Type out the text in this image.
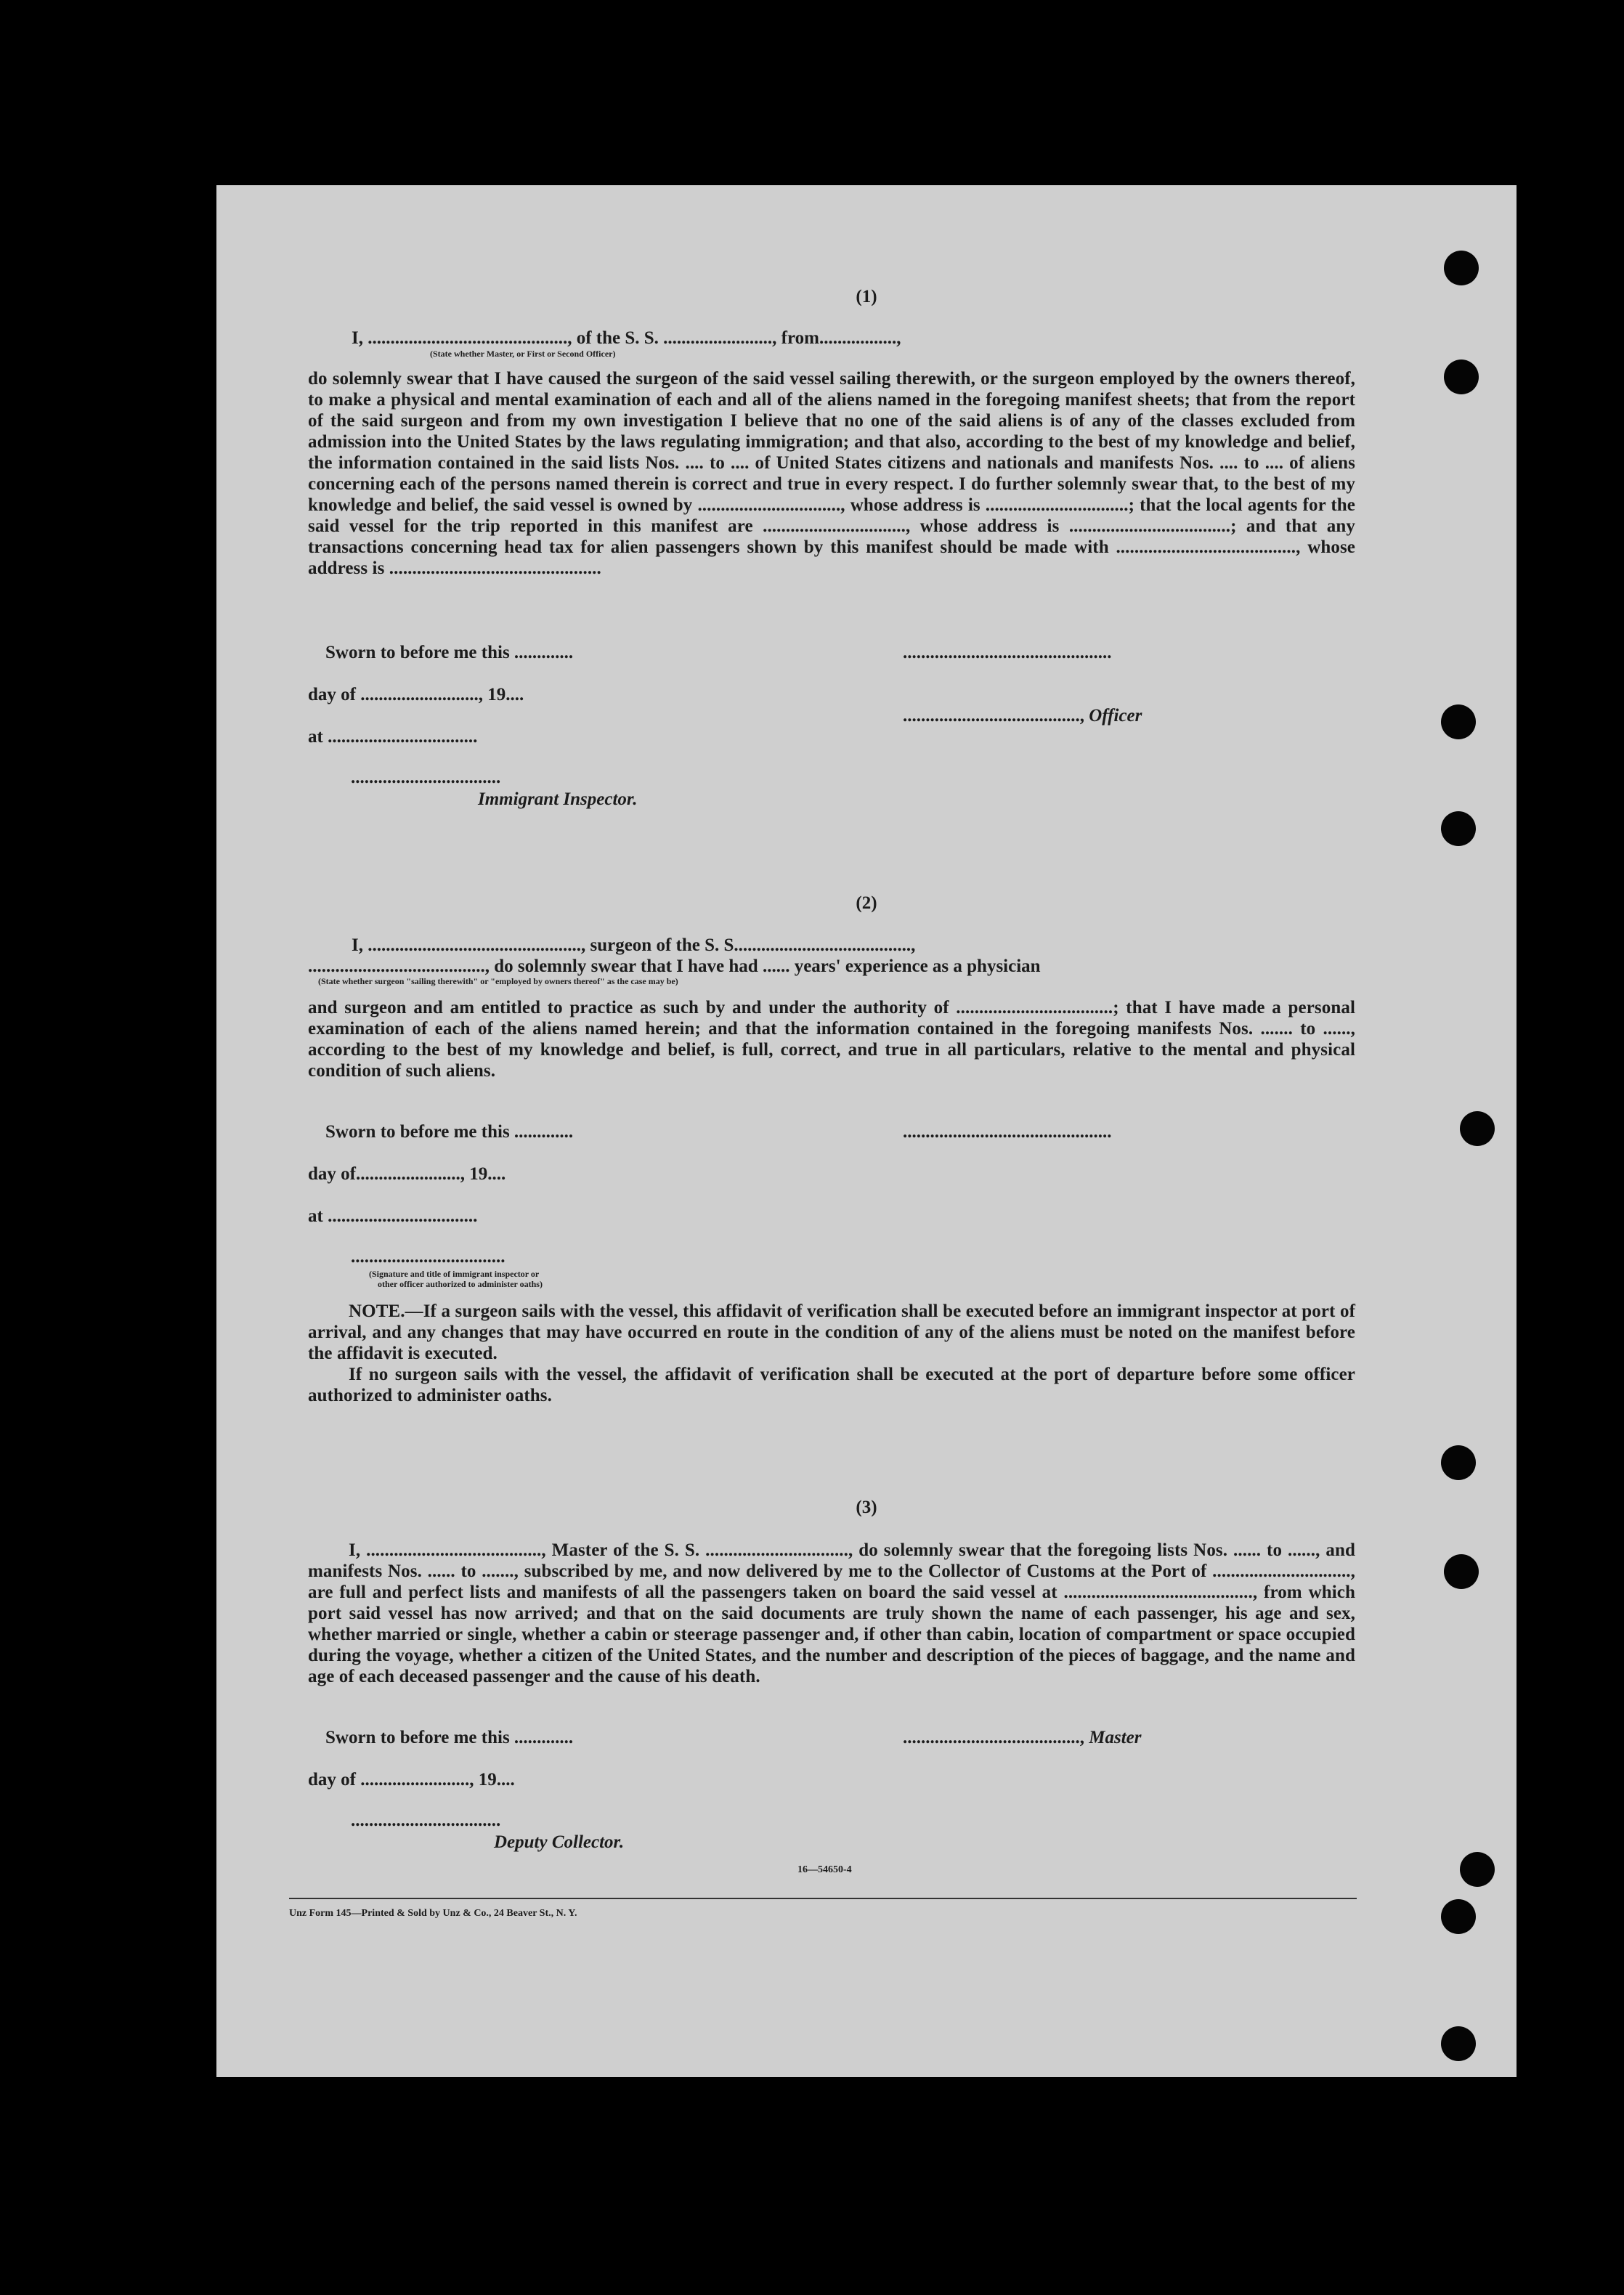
(1)
I, ............................................, of the S. S. ........................, from.................,
(State whether Master, or First or Second Officer)

do solemnly swear that I have caused the surgeon of the said vessel sailing therewith, or the surgeon employed by the owners thereof, to make a physical and mental examination of each and all of the aliens named in the foregoing manifest sheets; that from the report of the said surgeon and from my own investigation I believe that no one of the said aliens is of any of the classes excluded from admission into the United States by the laws regulating immigration; and that also, according to the best of my knowledge and belief, the information contained in the said lists Nos. .... to .... of United States citizens and nationals and manifests Nos. .... to .... of aliens concerning each of the persons named therein is correct and true in every respect. I do further solemnly swear that, to the best of my knowledge and belief, the said vessel is owned by ..............................., whose address is ...............................; that the local agents for the said vessel for the trip reported in this manifest are ..............................., whose address is ...................................; and that any transactions concerning head tax for alien passengers shown by this manifest should be made with ......................................., whose address is ..............................................

Sworn to before me this .............
day of .........................., 19....
at .................................
.................................
Immigrant Inspector.
..............................................
......................................., Officer
(2)
I, ..............................................., surgeon of the S. S.......................................,
......................................., do solemnly swear that I have had ...... years' experience as a physician
(State whether surgeon "sailing therewith" or "employed by owners thereof" as the case may be)

and surgeon and am entitled to practice as such by and under the authority of ..................................; that I have made a personal examination of each of the aliens named herein; and that the information contained in the foregoing manifests Nos. ....... to ......, according to the best of my knowledge and belief, is full, correct, and true in all particulars, relative to the mental and physical condition of such aliens.

Sworn to before me this .............
day of......................., 19....
at .................................
..................................
(Signature and title of immigrant inspector or
other officer authorized to administer oaths)
..............................................

NOTE.—If a surgeon sails with the vessel, this affidavit of verification shall be executed before an immigrant inspector at port of arrival, and any changes that may have occurred en route in the condition of any of the aliens must be noted on the manifest before the affidavit is executed.

If no surgeon sails with the vessel, the affidavit of verification shall be executed at the port of departure before some officer authorized to administer oaths.

(3)

I, ......................................, Master of the S. S. ..............................., do solemnly swear that the foregoing lists Nos. ...... to ......, and manifests Nos. ...... to ......., subscribed by me, and now delivered by me to the Collector of Customs at the Port of .............................., are full and perfect lists and manifests of all the passengers taken on board the said vessel at ........................................., from which port said vessel has now arrived; and that on the said documents are truly shown the name of each passenger, his age and sex, whether married or single, whether a cabin or steerage passenger and, if other than cabin, location of compartment or space occupied during the voyage, whether a citizen of the United States, and the number and description of the pieces of baggage, and the name and age of each deceased passenger and the cause of his death.

Sworn to before me this .............
day of ........................, 19....
.................................
Deputy Collector.
......................................., Master
16—54650-4
Unz Form 145—Printed & Sold by Unz & Co., 24 Beaver St., N. Y.
